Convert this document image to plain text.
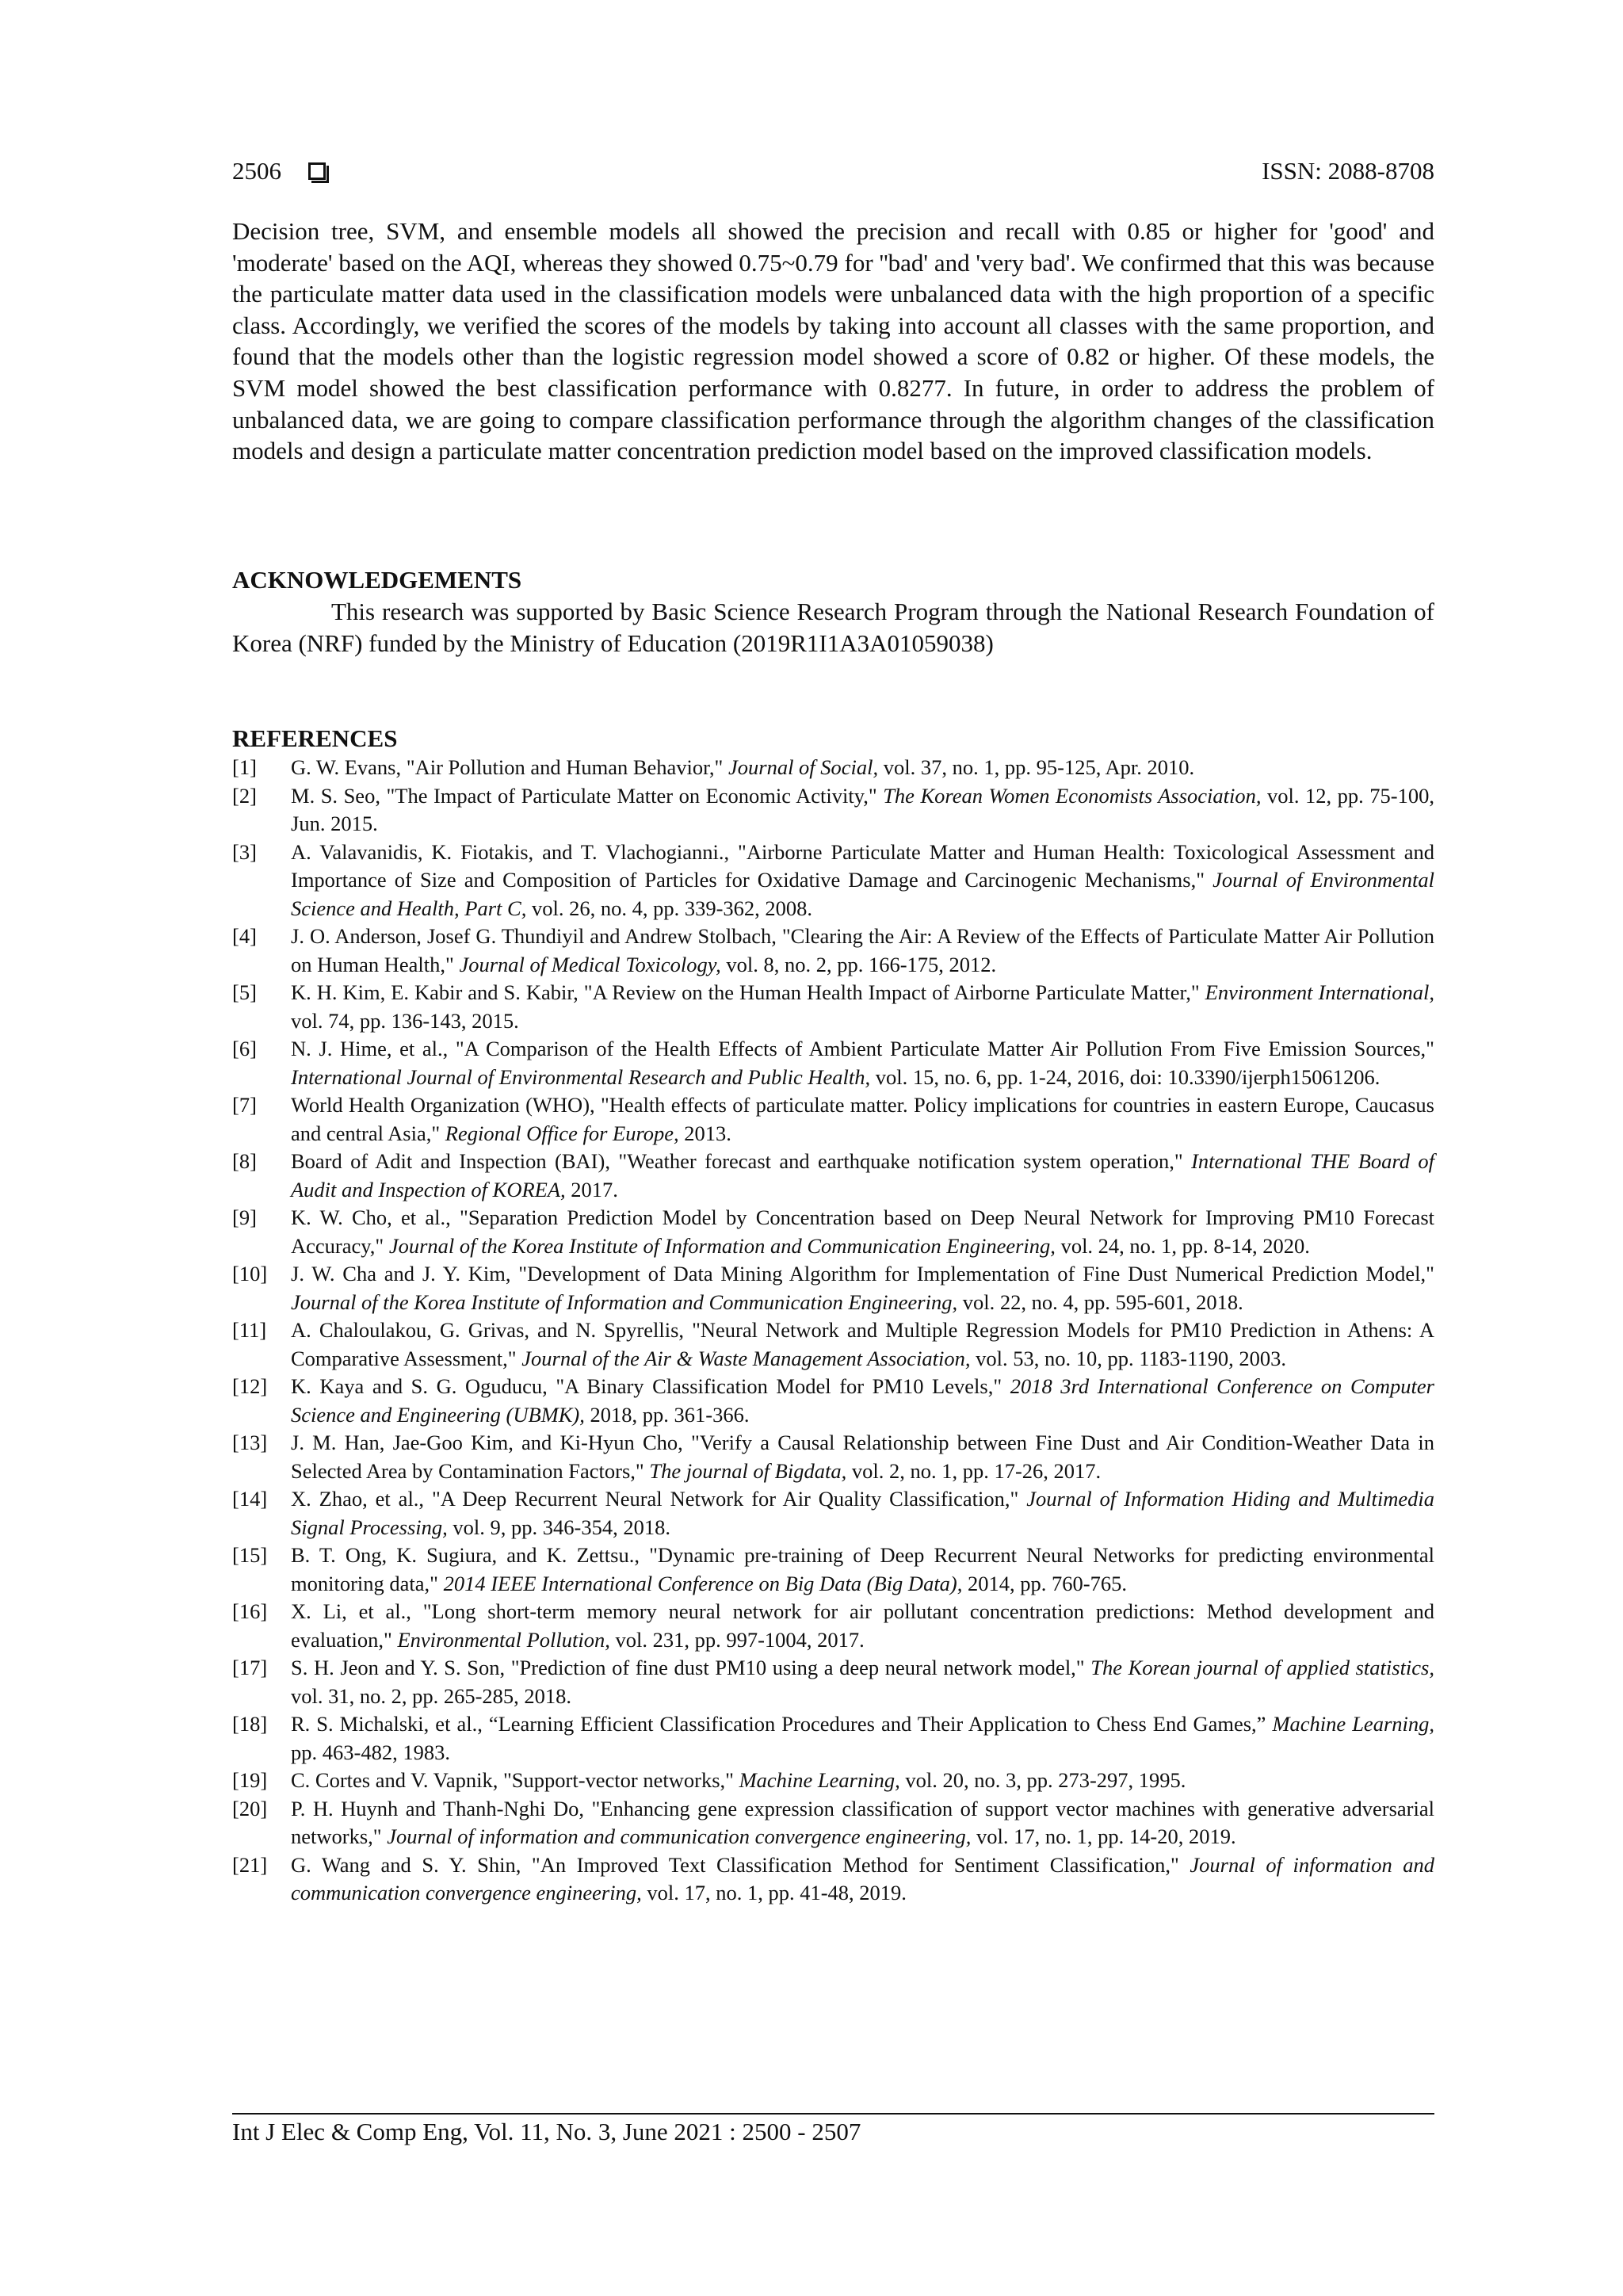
2506	ISSN: 2088-8708

Decision tree, SVM, and ensemble models all showed the precision and recall with 0.85 or higher for 'good' and 'moderate' based on the AQI, whereas they showed 0.75~0.79 for ''bad' and 'very bad'. We confirmed that this was because the particulate matter data used in the classification models were unbalanced data with the high proportion of a specific class. Accordingly, we verified the scores of the models by taking into account all classes with the same proportion, and found that the models other than the logistic regression model showed a score of 0.82 or higher. Of these models, the SVM model showed the best classification performance with 0.8277. In future, in order to address the problem of unbalanced data, we are going to compare classification performance through the algorithm changes of the classification models and design a particulate matter concentration prediction model based on the improved classification models.

ACKNOWLEDGEMENTS

This research was supported by Basic Science Research Program through the National Research Foundation of Korea (NRF) funded by the Ministry of Education (2019R1I1A3A01059038)

REFERENCES
[1]	G. W. Evans, "Air Pollution and Human Behavior," Journal of Social, vol. 37, no. 1, pp. 95-125, Apr. 2010.
[2]	M. S. Seo, "The Impact of Particulate Matter on Economic Activity," The Korean Women Economists Association, vol. 12, pp. 75-100, Jun. 2015.
[3]	A. Valavanidis, K. Fiotakis, and T. Vlachogianni., "Airborne Particulate Matter and Human Health: Toxicological Assessment and Importance of Size and Composition of Particles for Oxidative Damage and Carcinogenic Mechanisms," Journal of Environmental Science and Health, Part C, vol. 26, no. 4, pp. 339-362, 2008.
[4]	J. O. Anderson, Josef G. Thundiyil and Andrew Stolbach, "Clearing the Air: A Review of the Effects of Particulate Matter Air Pollution on Human Health," Journal of Medical Toxicology, vol. 8, no. 2, pp. 166-175, 2012.
[5]	K. H. Kim, E. Kabir and S. Kabir, "A Review on the Human Health Impact of Airborne Particulate Matter," Environment International, vol. 74, pp. 136-143, 2015.
[6]	N. J. Hime, et al., "A Comparison of the Health Effects of Ambient Particulate Matter Air Pollution From Five Emission Sources," International Journal of Environmental Research and Public Health, vol. 15, no. 6, pp. 1-24, 2016, doi: 10.3390/ijerph15061206.
[7]	World Health Organization (WHO), "Health effects of particulate matter. Policy implications for countries in eastern Europe, Caucasus and central Asia," Regional Office for Europe, 2013.
[8]	Board of Adit and Inspection (BAI), "Weather forecast and earthquake notification system operation," International THE Board of Audit and Inspection of KOREA, 2017.
[9]	K. W. Cho, et al., "Separation Prediction Model by Concentration based on Deep Neural Network for Improving PM10 Forecast Accuracy," Journal of the Korea Institute of Information and Communication Engineering, vol. 24, no. 1, pp. 8-14, 2020.
[10]	J. W. Cha and J. Y. Kim, "Development of Data Mining Algorithm for Implementation of Fine Dust Numerical Prediction Model," Journal of the Korea Institute of Information and Communication Engineering, vol. 22, no. 4, pp. 595-601, 2018.
[11]	A. Chaloulakou, G. Grivas, and N. Spyrellis, "Neural Network and Multiple Regression Models for PM10 Prediction in Athens: A Comparative Assessment," Journal of the Air & Waste Management Association, vol. 53, no. 10, pp. 1183-1190, 2003.
[12]	K. Kaya and S. G. Oguducu, "A Binary Classification Model for PM10 Levels," 2018 3rd International Conference on Computer Science and Engineering (UBMK), 2018, pp. 361-366.
[13]	J. M. Han, Jae-Goo Kim, and Ki-Hyun Cho, "Verify a Causal Relationship between Fine Dust and Air Condition-Weather Data in Selected Area by Contamination Factors," The journal of Bigdata, vol. 2, no. 1, pp. 17-26, 2017.
[14]	X. Zhao, et al., "A Deep Recurrent Neural Network for Air Quality Classification," Journal of Information Hiding and Multimedia Signal Processing, vol. 9, pp. 346-354, 2018.
[15]	B. T. Ong, K. Sugiura, and K. Zettsu., "Dynamic pre-training of Deep Recurrent Neural Networks for predicting environmental monitoring data," 2014 IEEE International Conference on Big Data (Big Data), 2014, pp. 760-765.
[16]	X. Li, et al., "Long short-term memory neural network for air pollutant concentration predictions: Method development and evaluation," Environmental Pollution, vol. 231, pp. 997-1004, 2017.
[17]	S. H. Jeon and Y. S. Son, "Prediction of fine dust PM10 using a deep neural network model," The Korean journal of applied statistics, vol. 31, no. 2, pp. 265-285, 2018.
[18]	R. S. Michalski, et al., “Learning Efficient Classification Procedures and Their Application to Chess End Games,” Machine Learning, pp. 463-482, 1983.
[19]	C. Cortes and V. Vapnik, "Support-vector networks," Machine Learning, vol. 20, no. 3, pp. 273-297, 1995.
[20]	P. H. Huynh and Thanh-Nghi Do, "Enhancing gene expression classification of support vector machines with generative adversarial networks," Journal of information and communication convergence engineering, vol. 17, no. 1, pp. 14-20, 2019.
[21]	G. Wang and S. Y. Shin, "An Improved Text Classification Method for Sentiment Classification," Journal of information and communication convergence engineering, vol. 17, no. 1, pp. 41-48, 2019.
Int J Elec & Comp Eng, Vol. 11, No. 3, June 2021 : 2500 - 2507
